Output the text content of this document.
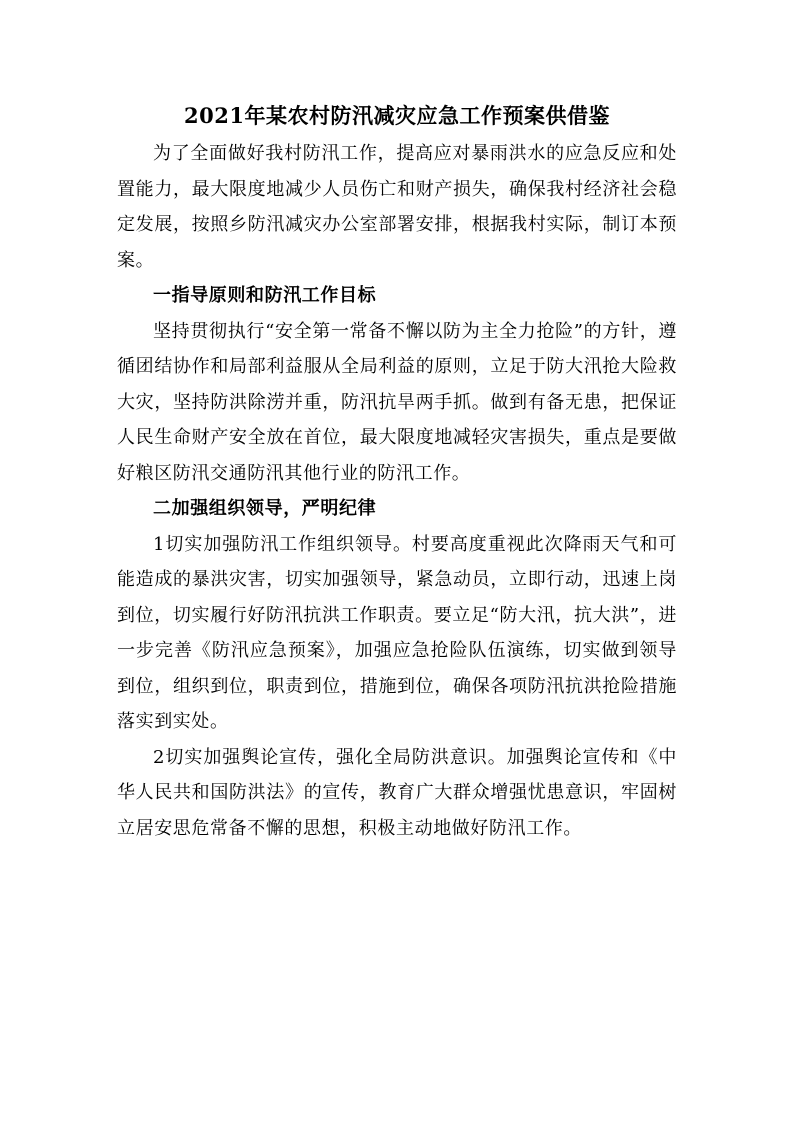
2021年某农村防汛减灾应急工作预案供借鉴

为了全面做好我村防汛工作，提高应对暴雨洪水的应急反应和处置能力，最大限度地减少人员伤亡和财产损失，确保我村经济社会稳定发展，按照乡防汛减灾办公室部署安排，根据我村实际，制订本预案。

一指导原则和防汛工作目标

坚持贯彻执行“安全第一常备不懈以防为主全力抢险”的方针，遵循团结协作和局部利益服从全局利益的原则，立足于防大汛抢大险救大灾，坚持防洪除涝并重，防汛抗旱两手抓。做到有备无患，把保证人民生命财产安全放在首位，最大限度地减轻灾害损失，重点是要做好粮区防汛交通防汛其他行业的防汛工作。

二加强组织领导，严明纪律

1切实加强防汛工作组织领导。村要高度重视此次降雨天气和可能造成的暴洪灾害，切实加强领导，紧急动员，立即行动，迅速上岗到位，切实履行好防汛抗洪工作职责。要立足“防大汛，抗大洪”，进一步完善《防汛应急预案》，加强应急抢险队伍演练，切实做到领导到位，组织到位，职责到位，措施到位，确保各项防汛抗洪抢险措施落实到实处。

2切实加强舆论宣传，强化全局防洪意识。加强舆论宣传和《中华人民共和国防洪法》的宣传，教育广大群众增强忧患意识，牢固树立居安思危常备不懈的思想，积极主动地做好防汛工作。
